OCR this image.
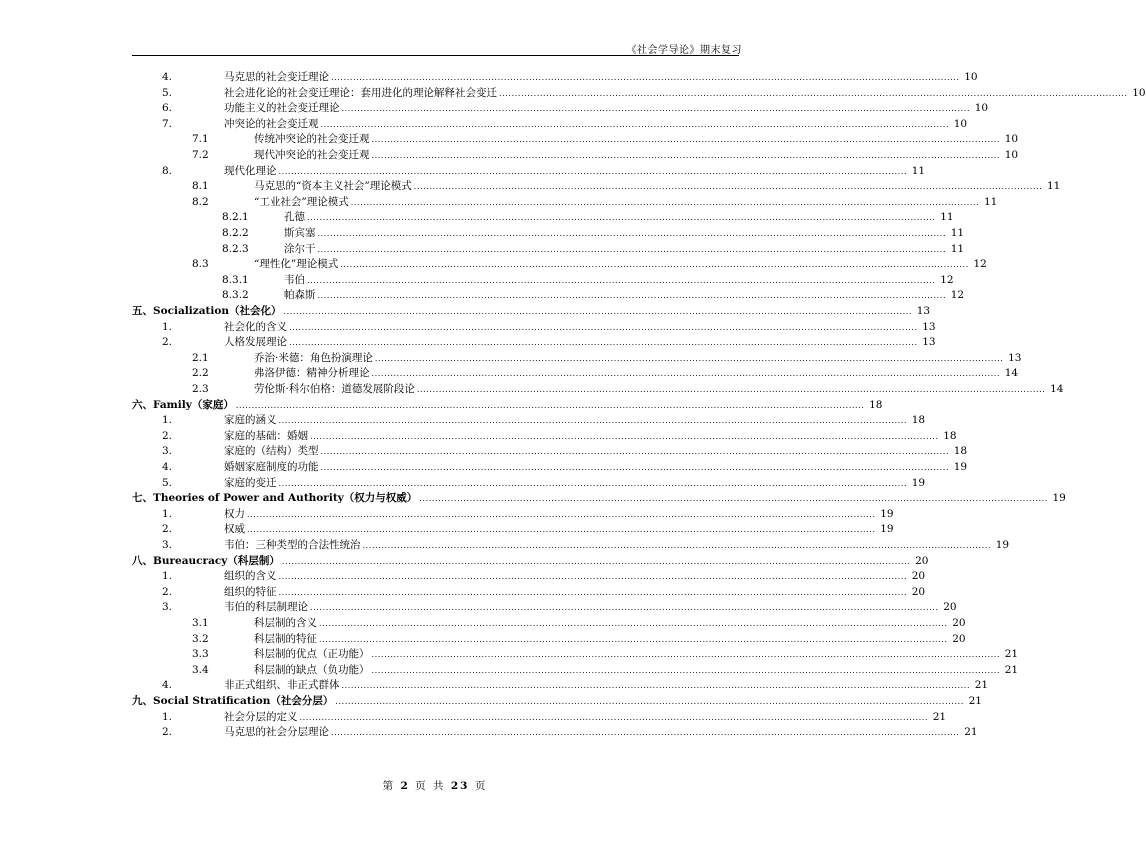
《社会学导论》期末复习
4.	马克思的社会变迁理论 ........................................................................................................................................................................................................ 10
5.	社会进化论的社会变迁理论：套用进化的理论解释社会变迁 ........................................................................................................................................................................................................ 10
6.	功能主义的社会变迁理论 ........................................................................................................................................................................................................ 10
7.	冲突论的社会变迁观 ........................................................................................................................................................................................................ 10
7.1	传统冲突论的社会变迁观 ........................................................................................................................................................................................................ 10
7.2	现代冲突论的社会变迁观 ........................................................................................................................................................................................................ 10
8.	现代化理论 ........................................................................................................................................................................................................ 11
8.1	马克思的“资本主义社会”理论模式 ........................................................................................................................................................................................................ 11
8.2	“工业社会”理论模式 ........................................................................................................................................................................................................ 11
8.2.1	孔德 ........................................................................................................................................................................................................ 11
8.2.2	斯宾塞 ........................................................................................................................................................................................................ 11
8.2.3	涂尔干 ........................................................................................................................................................................................................ 11
8.3	“理性化”理论模式 ........................................................................................................................................................................................................ 12
8.3.1	韦伯 ........................................................................................................................................................................................................ 12
8.3.2	帕森斯 ........................................................................................................................................................................................................ 12
五、Socialization（社会化） ........................................................................................................................................................................................................ 13
1.	社会化的含义 ........................................................................................................................................................................................................ 13
2.	人格发展理论 ........................................................................................................................................................................................................ 13
2.1	乔治·米德：角色扮演理论 ........................................................................................................................................................................................................ 13
2.2	弗洛伊德：精神分析理论 ........................................................................................................................................................................................................ 14
2.3	劳伦斯·科尔伯格：道德发展阶段论 ........................................................................................................................................................................................................ 14
六、Family（家庭） ........................................................................................................................................................................................................ 18
1.	家庭的涵义 ........................................................................................................................................................................................................ 18
2.	家庭的基础：婚姻 ........................................................................................................................................................................................................ 18
3.	家庭的（结构）类型 ........................................................................................................................................................................................................ 18
4.	婚姻家庭制度的功能 ........................................................................................................................................................................................................ 19
5.	家庭的变迁 ........................................................................................................................................................................................................ 19
七、Theories of Power and Authority（权力与权威） ........................................................................................................................................................................................................ 19
1.	权力 ........................................................................................................................................................................................................ 19
2.	权威 ........................................................................................................................................................................................................ 19
3.	韦伯：三种类型的合法性统治 ........................................................................................................................................................................................................ 19
八、Bureaucracy（科层制） ........................................................................................................................................................................................................ 20
1.	组织的含义 ........................................................................................................................................................................................................ 20
2.	组织的特征 ........................................................................................................................................................................................................ 20
3.	韦伯的科层制理论 ........................................................................................................................................................................................................ 20
3.1	科层制的含义 ........................................................................................................................................................................................................ 20
3.2	科层制的特征 ........................................................................................................................................................................................................ 20
3.3	科层制的优点（正功能） ........................................................................................................................................................................................................ 21
3.4	科层制的缺点（负功能） ........................................................................................................................................................................................................ 21
4.	非正式组织、非正式群体 ........................................................................................................................................................................................................ 21
九、Social Stratification（社会分层） ........................................................................................................................................................................................................ 21
1.	社会分层的定义 ........................................................................................................................................................................................................ 21
2.	马克思的社会分层理论 ........................................................................................................................................................................................................ 21
第 2 页 共 23 页
